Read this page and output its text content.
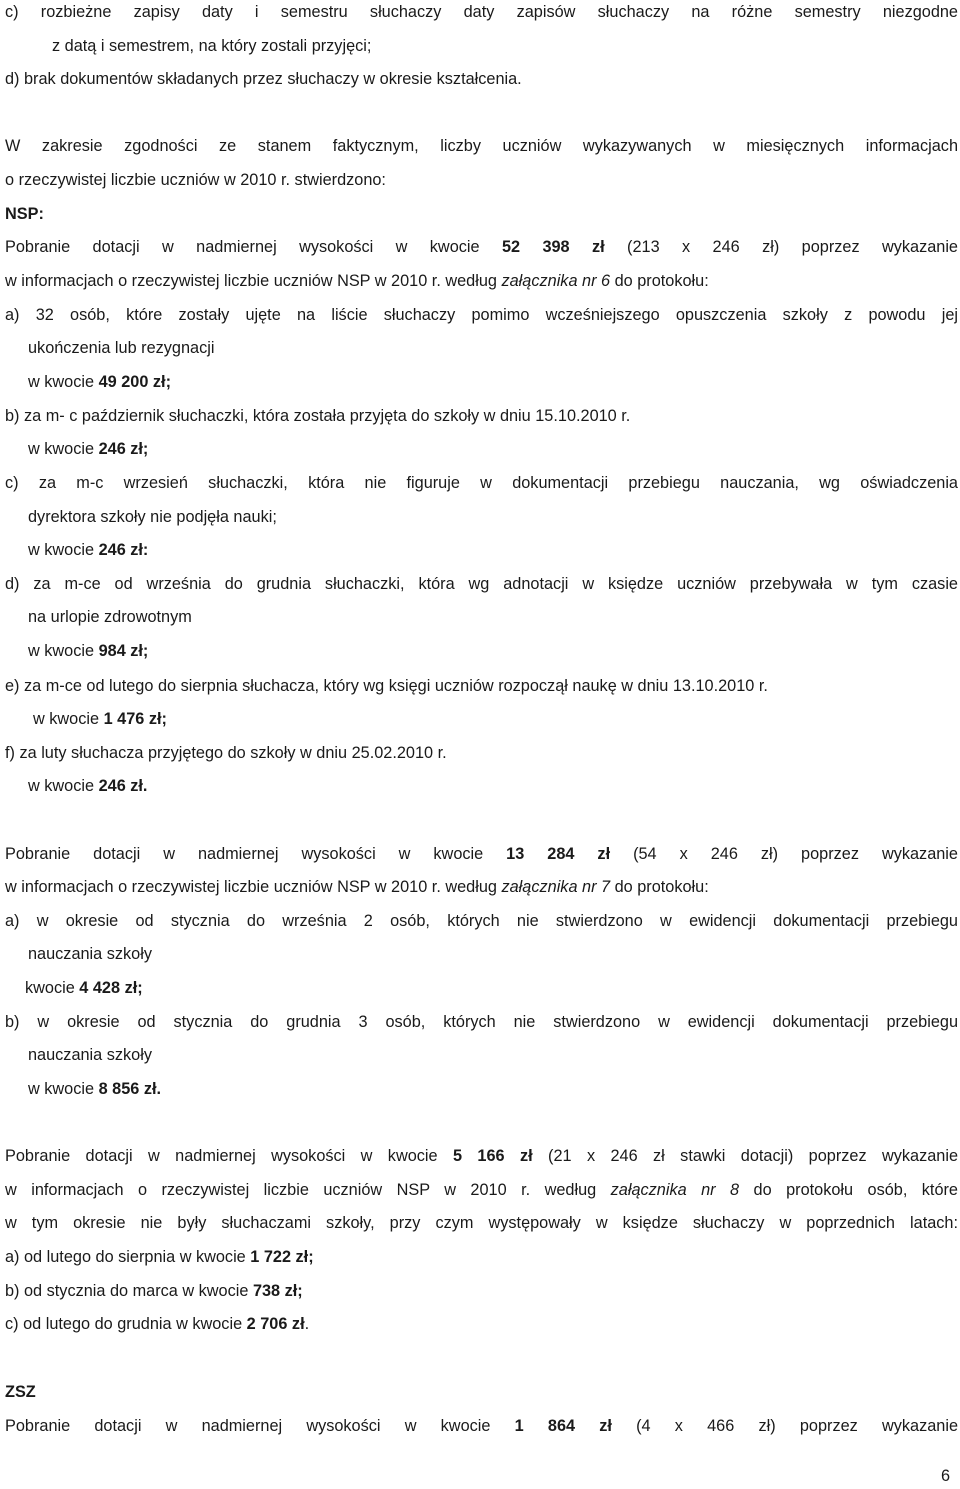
c) rozbieżne zapisy daty i semestru słuchaczy daty zapisów słuchaczy na różne semestry niezgodne
z datą i semestrem, na który zostali przyjęci;
d) brak dokumentów składanych przez słuchaczy w okresie kształcenia.
W zakresie zgodności ze stanem faktycznym, liczby uczniów wykazywanych w miesięcznych informacjach
o rzeczywistej liczbie uczniów w 2010 r. stwierdzono:
NSP:
Pobranie dotacji w nadmiernej wysokości w kwocie 52 398 zł (213 x 246 zł) poprzez wykazanie
w informacjach o rzeczywistej liczbie uczniów NSP w 2010 r. według załącznika nr 6 do protokołu:
a) 32 osób, które zostały ujęte na liście słuchaczy pomimo wcześniejszego opuszczenia szkoły z powodu jej
ukończenia lub rezygnacji
w kwocie 49 200 zł;
b) za m- c październik słuchaczki, która została przyjęta do szkoły w dniu 15.10.2010 r.
w kwocie 246 zł;
c) za m-c wrzesień słuchaczki, która nie figuruje w dokumentacji przebiegu nauczania, wg oświadczenia
dyrektora szkoły nie podjęła nauki;
w kwocie 246 zł:
d) za m-ce od września do grudnia słuchaczki, która wg adnotacji w księdze uczniów przebywała w tym czasie
na urlopie zdrowotnym
w kwocie 984 zł;
e) za m-ce od lutego do sierpnia słuchacza, który wg księgi uczniów rozpoczął naukę w dniu 13.10.2010 r.
w kwocie 1 476 zł;
f) za luty słuchacza przyjętego do szkoły w dniu 25.02.2010 r.
w kwocie 246 zł.
Pobranie dotacji w nadmiernej wysokości w kwocie 13 284 zł (54 x 246 zł) poprzez wykazanie
w informacjach o rzeczywistej liczbie uczniów NSP w 2010 r. według załącznika nr 7 do protokołu:
a) w okresie od stycznia do września 2 osób, których nie stwierdzono w ewidencji dokumentacji przebiegu
nauczania szkoły
kwocie 4 428 zł;
b) w okresie od stycznia do grudnia 3 osób, których nie stwierdzono w ewidencji dokumentacji przebiegu
nauczania szkoły
w kwocie 8 856 zł.
Pobranie dotacji w nadmiernej wysokości w kwocie 5 166 zł (21 x 246 zł stawki dotacji) poprzez wykazanie
w informacjach o rzeczywistej liczbie uczniów NSP w 2010 r. według załącznika nr 8 do protokołu osób, które
w tym okresie nie były słuchaczami szkoły, przy czym występowały w księdze słuchaczy w poprzednich latach:
a) od lutego do sierpnia w kwocie 1 722 zł;
b) od stycznia do marca w kwocie 738 zł;
c) od lutego do grudnia w kwocie 2 706 zł.
ZSZ
Pobranie dotacji w nadmiernej wysokości w kwocie 1 864 zł (4 x 466 zł) poprzez wykazanie
6
